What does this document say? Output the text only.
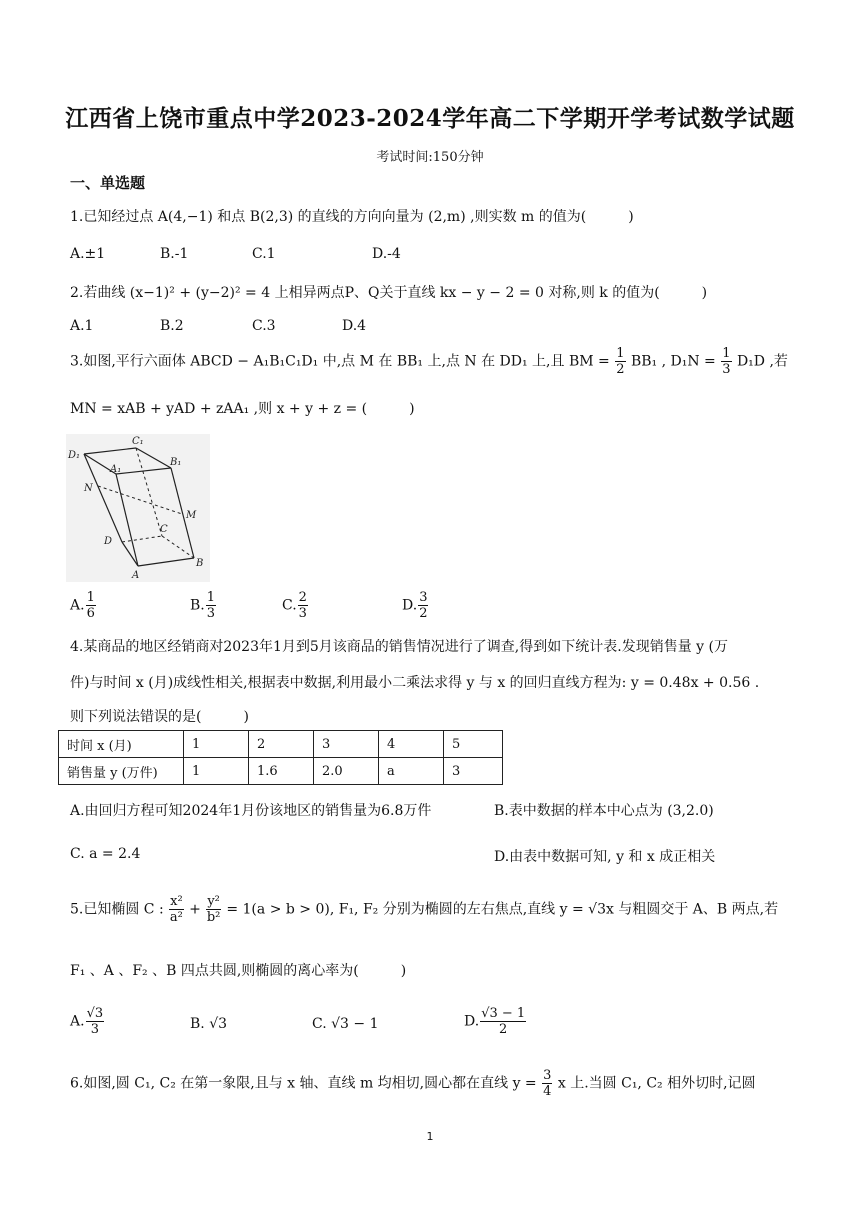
江西省上饶市重点中学2023-2024学年高二下学期开学考试数学试题
考试时间:150分钟
一、单选题
1.已知经过点 A(4,−1) 和点 B(2,3) 的直线的方向向量为 (2,m) ,则实数 m 的值为(　　　)
A.±1	B.-1	C.1	D.-4
2.若曲线 (x−1)² + (y−2)² = 4 上相异两点P、Q关于直线 kx − y − 2 = 0 对称,则 k 的值为(　　　)
A.1	B.2	C.3	D.4
3.如图,平行六面体 ABCD − A₁B₁C₁D₁ 中,点 M 在 BB₁ 上,点 N 在 DD₁ 上,且 BM = $\frac{1}{2} BB_1$ , $D_1N = \frac{1}{3} D_1D$ ,若
MN = xAB + yAD + zAA₁ ,则 x + y + z = (　　　)
D₁
C₁
A₁
B₁
N
M
D
C
B
A
A. $\frac{1}{6}$	B. $\frac{1}{3}$	C. $\frac{2}{3}$	D. $\frac{3}{2}$
4.某商品的地区经销商对2023年1月到5月该商品的销售情况进行了调查,得到如下统计表.发现销售量 y (万
件)与时间 x (月)成线性相关,根据表中数据,利用最小二乘法求得 y 与 x 的回归直线方程为: y = 0.48x + 0.56 .
则下列说法错误的是(　　　)
时间 x (月)	1	2	3	4	5
销售量 y (万件)	1	1.6	2.0	a	3
A.由回归方程可知2024年1月份该地区的销售量为6.8万件	B.表中数据的样本中心点为 (3,2.0)
C. a = 2.4	D.由表中数据可知, y 和 x 成正相关
5.已知椭圆 C : $\frac{\text{x²}}{\text{a²}} + \frac{\text{y²}}{\text{b²}} = 1(a > b > 0)$, F₁, F₂ 分别为椭圆的左右焦点,直线 y = √3x 与粗圆交于 A、B 两点,若
F₁ 、A 、F₂ 、B 四点共圆,则椭圆的离心率为(　　　)
A. $\frac{√3}{3}$	B. √3	C. √3 − 1	D. $\frac{√3 - 1}{2}$
6.如图,圆 C₁, C₂ 在第一象限,且与 x 轴、直线 m 均相切,圆心都在直线 $y = \frac{3}{4}$ x 上.当圆 C₁, C₂ 相外切时,记圆
1
